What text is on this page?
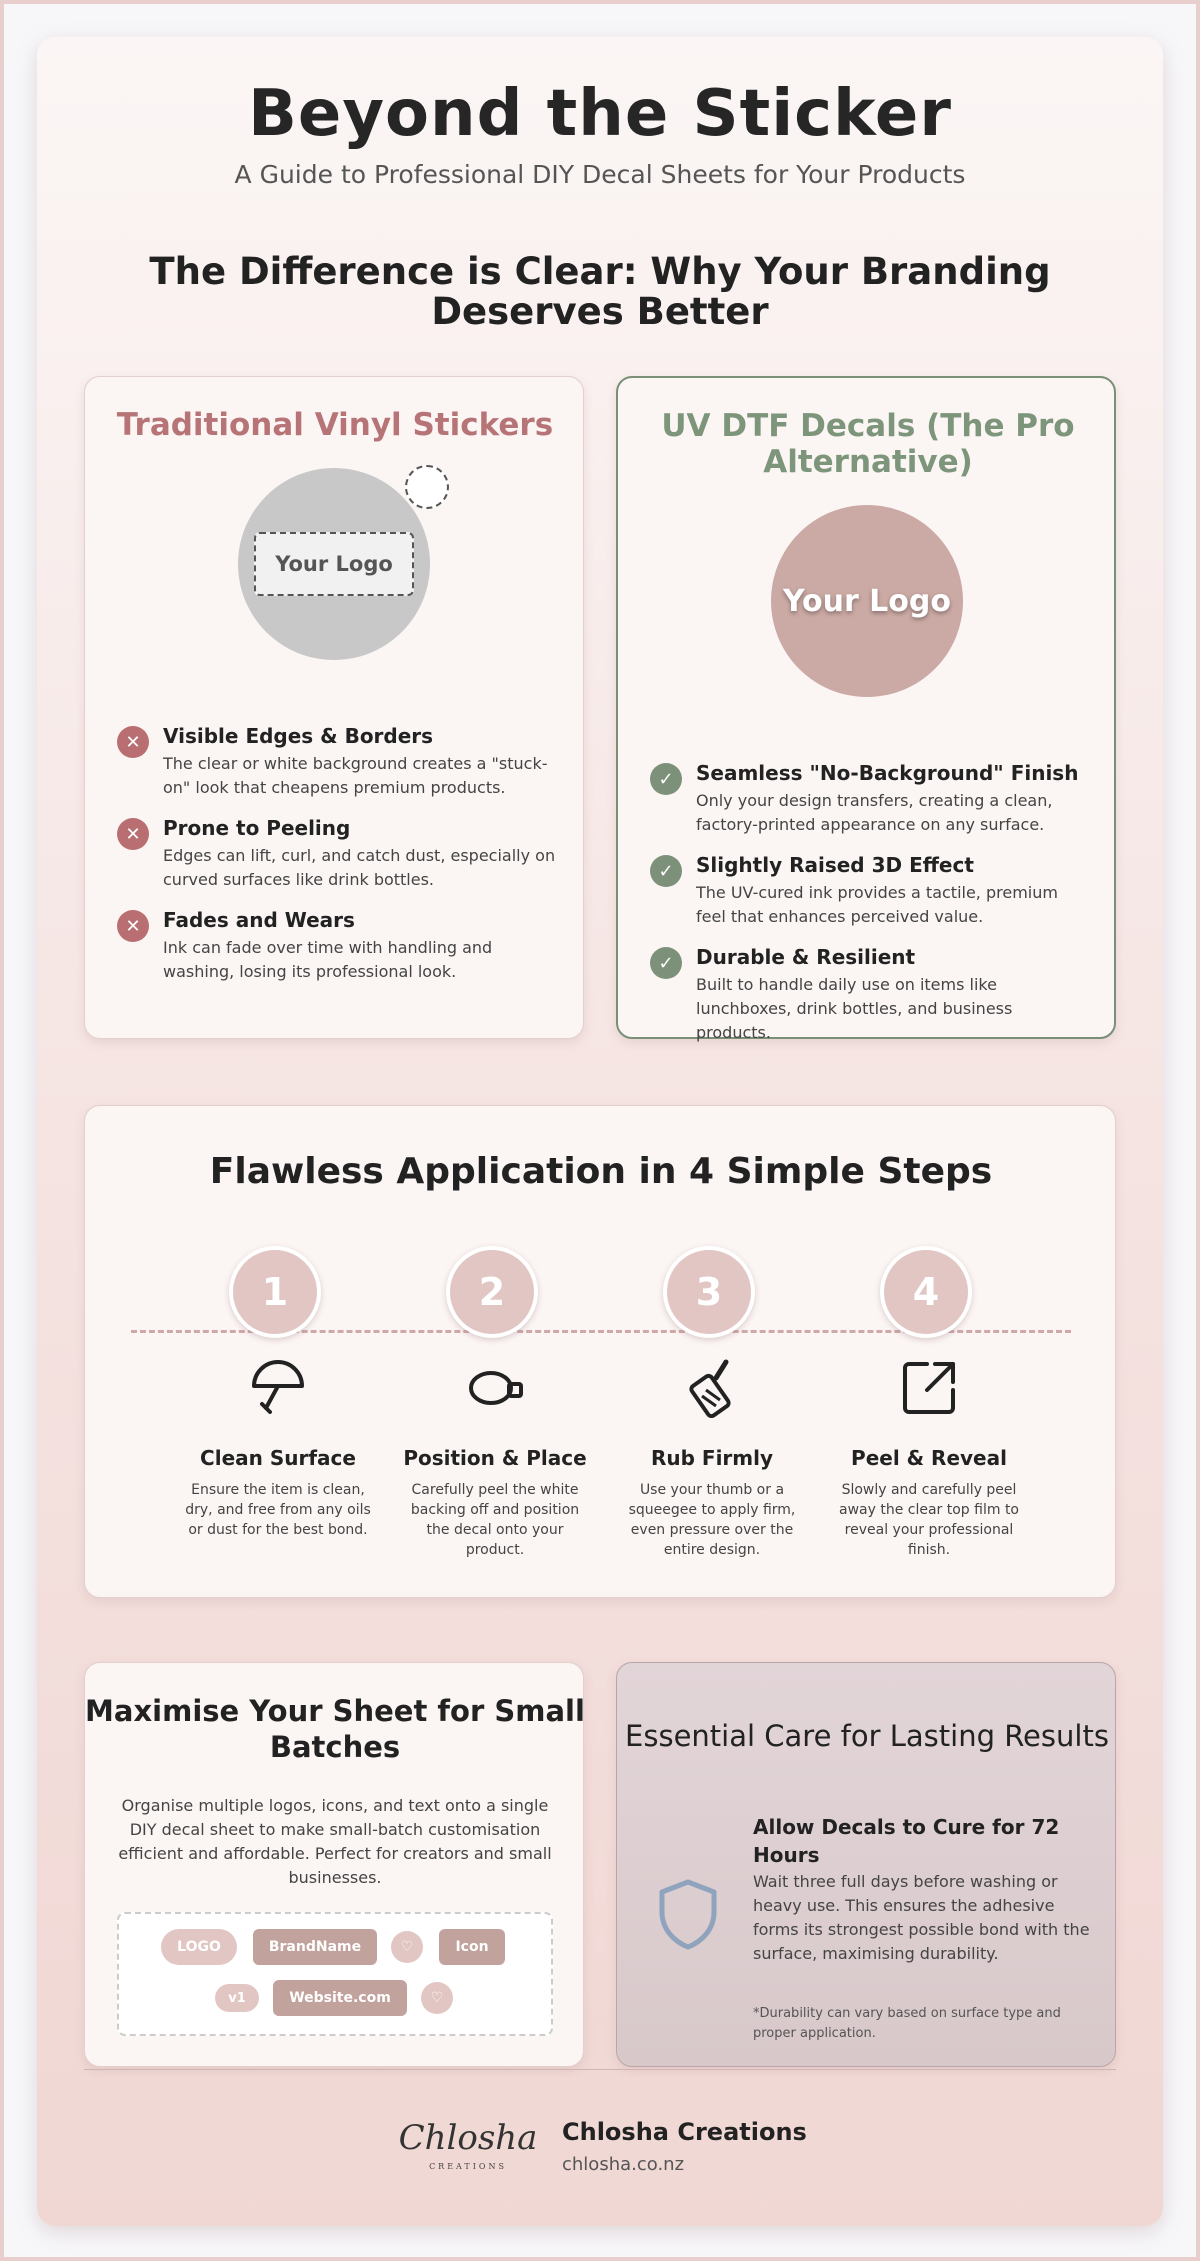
Beyond the Sticker
A Guide to Professional DIY Decal Sheets for Your Products
The Difference is Clear: Why Your Branding Deserves Better
Traditional Vinyl Stickers
Your Logo
✕	Visible Edges & Borders
The clear or white background creates a "stuck-on" look that cheapens premium products.
✕	Prone to Peeling
Edges can lift, curl, and catch dust, especially on curved surfaces like drink bottles.
✕	Fades and Wears
Ink can fade over time with handling and washing, losing its professional look.
UV DTF Decals (The Pro Alternative)
Your Logo
✓	Seamless "No-Background" Finish
Only your design transfers, creating a clean, factory-printed appearance on any surface.
✓	Slightly Raised 3D Effect
The UV-cured ink provides a tactile, premium feel that enhances perceived value.
✓	Durable & Resilient
Built to handle daily use on items like lunchboxes, drink bottles, and business products.
Flawless Application in 4 Simple Steps
1
Clean Surface
Ensure the item is clean, dry, and free from any oils or dust for the best bond.
2
Position & Place
Carefully peel the white backing off and position the decal onto your product.
3
Rub Firmly
Use your thumb or a squeegee to apply firm, even pressure over the entire design.
4
Peel & Reveal
Slowly and carefully peel away the clear top film to reveal your professional finish.
Maximise Your Sheet for Small Batches
Organise multiple logos, icons, and text onto a single DIY decal sheet to make small-batch customisation efficient and affordable. Perfect for creators and small businesses.
LOGO	BrandName	♡	Icon
v1	Website.com	♡
Essential Care for Lasting Results
Allow Decals to Cure for 72 Hours
Wait three full days before washing or heavy use. This ensures the adhesive forms its strongest possible bond with the surface, maximising durability.
*Durability can vary based on surface type and proper application.
Chlosha
CREATIONS
Chlosha Creations
chlosha.co.nz
